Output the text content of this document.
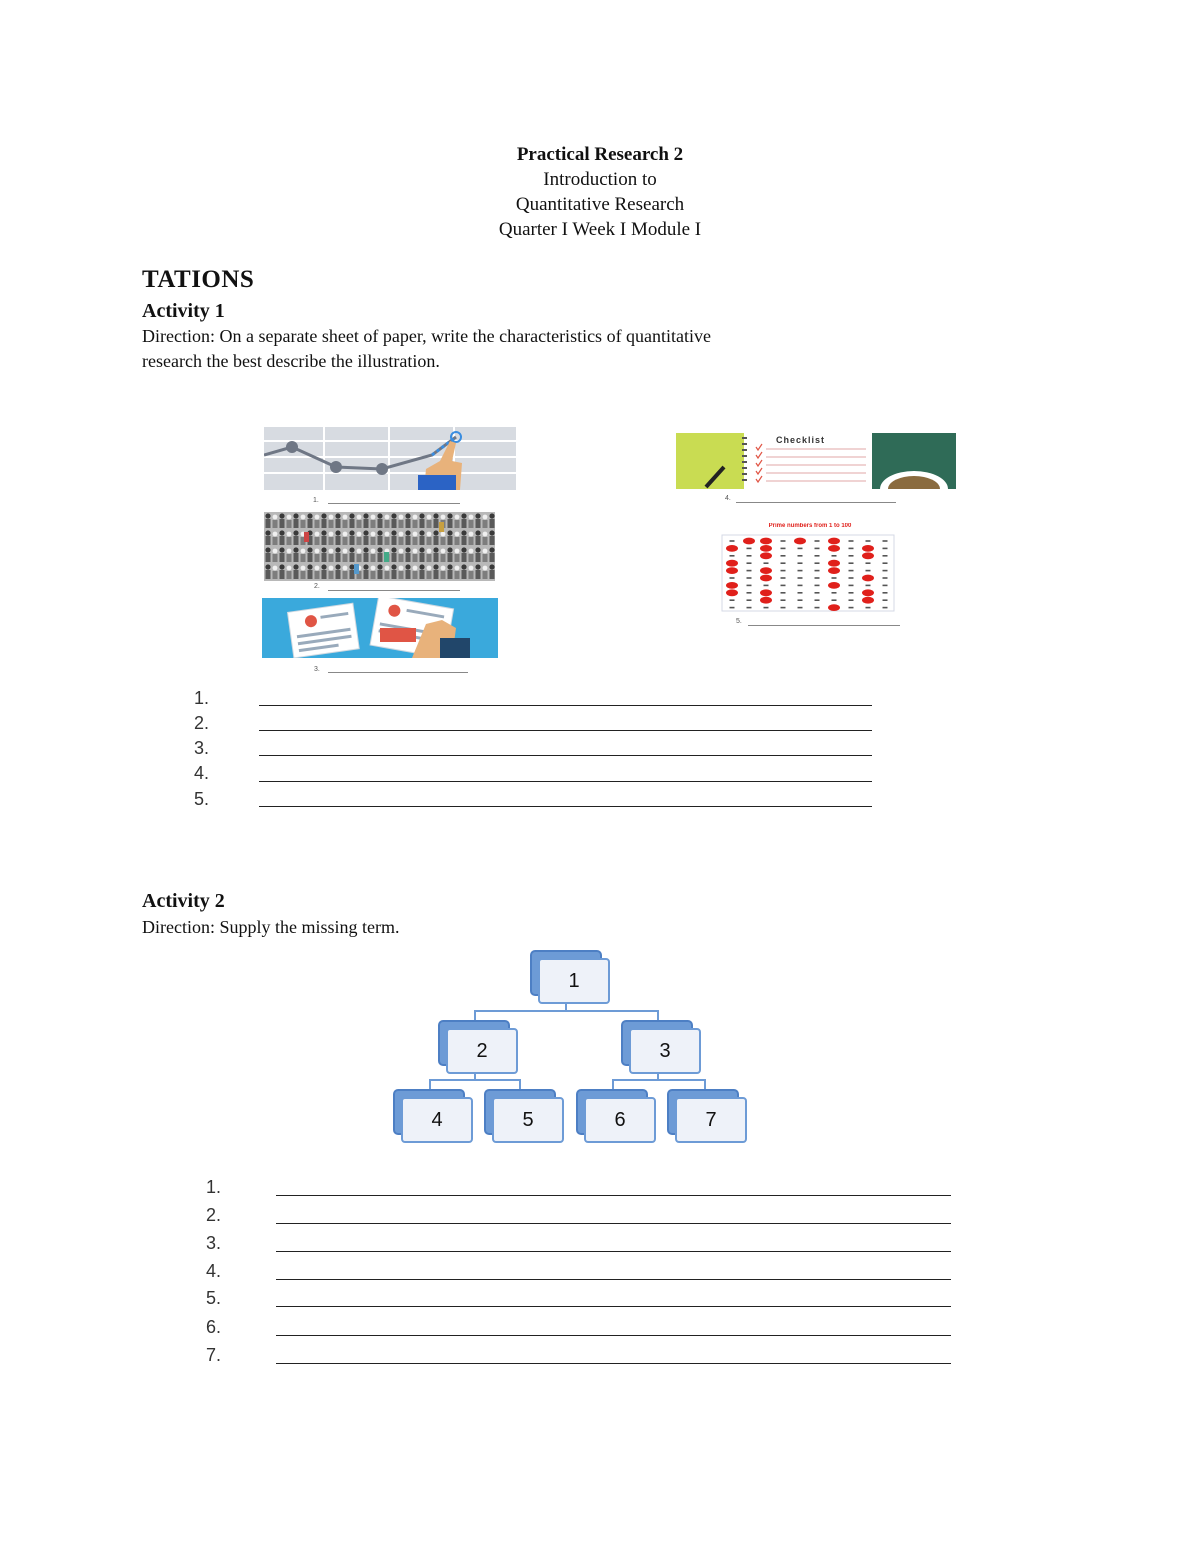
Practical Research 2
Introduction to
Quantitative Research
Quarter I Week I Module I
TATIONS
Activity 1
Direction: On a separate sheet of paper, write the characteristics of quantitative
research the best describe the illustration.
1.
2.
3.
Checklist
4.
Prime numbers from 1 to 100
5.
1.
2.
3.
4.
5.
Activity 2
Direction: Supply the missing term.
1
2	3
4	5	6	7
1.
2.
3.
4.
5.
6.
7.
